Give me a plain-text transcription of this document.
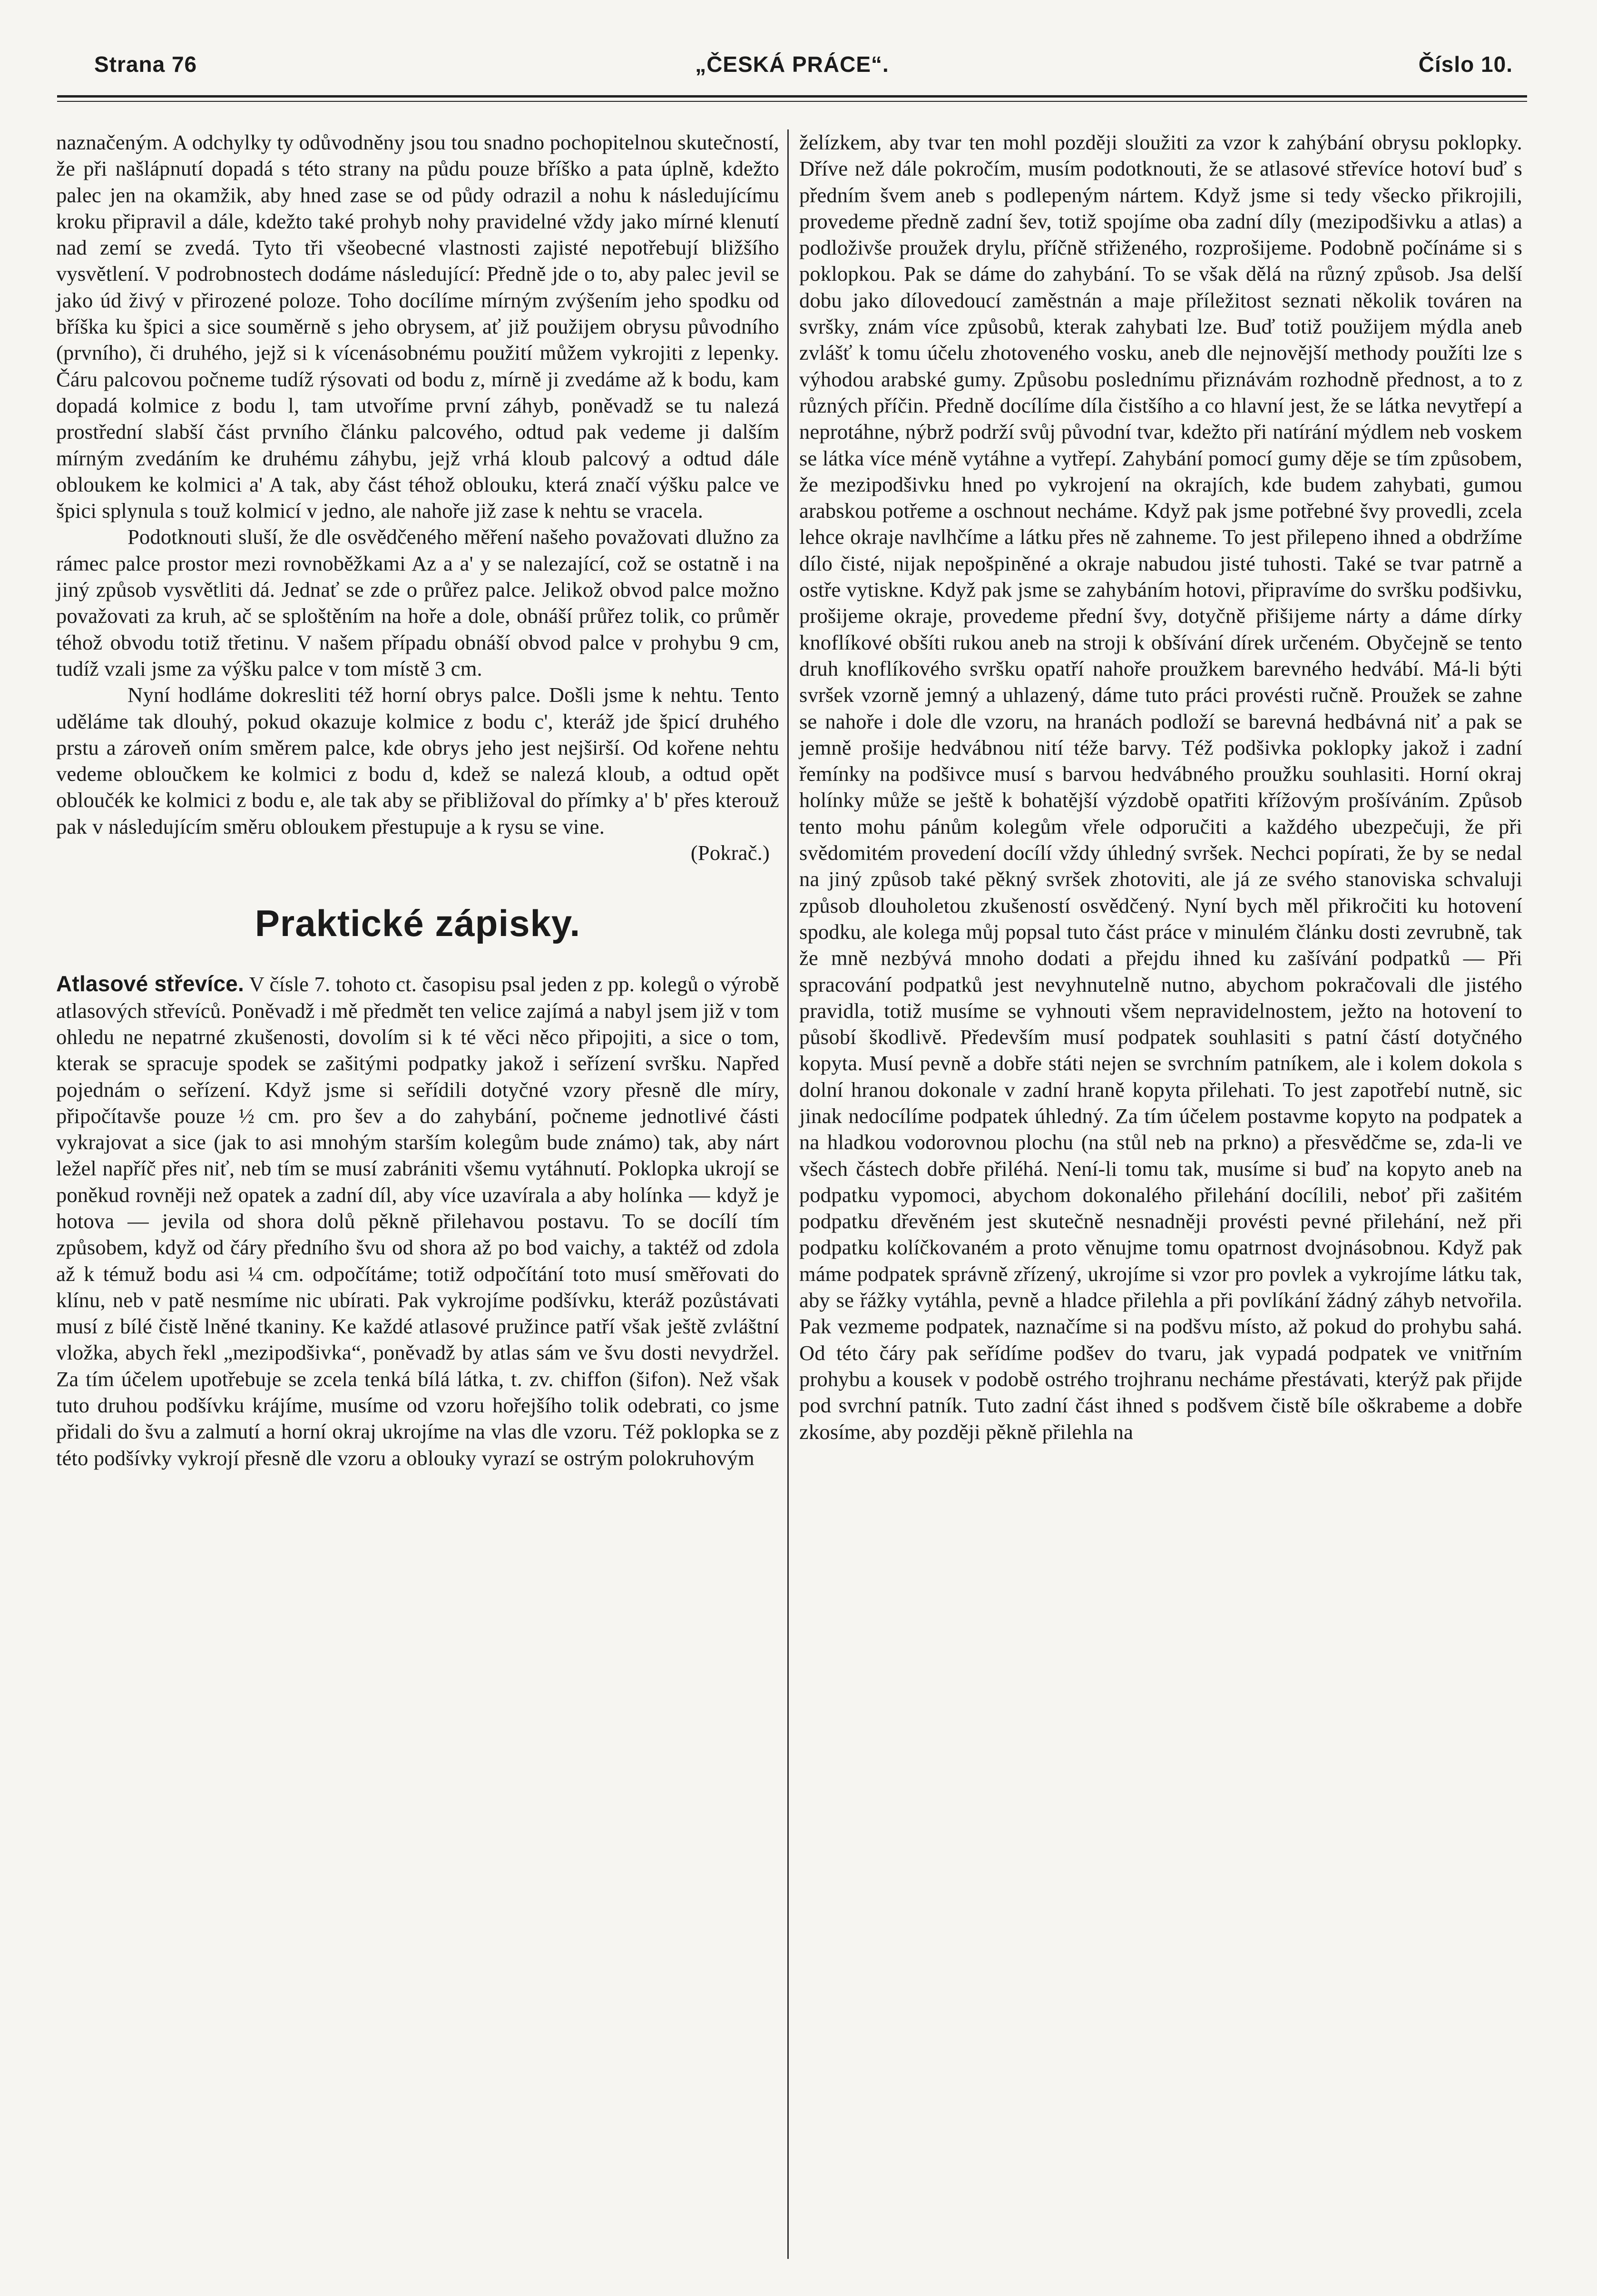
Strana 76	„ČESKÁ PRÁCE“.	Číslo 10.

naznačeným. A odchylky ty odůvodněny jsou tou snadno pochopitelnou skutečností, že při našlápnutí dopadá s této strany na půdu pouze bříško a pata úplně, kdežto palec jen na okamžik, aby hned zase se od půdy odrazil a nohu k následujícímu kroku připravil a dále, kdežto také prohyb nohy pravidelné vždy jako mírné klenutí nad zemí se zvedá. Tyto tři všeobecné vlastnosti zajisté nepotřebují bližšího vysvětlení. V podrobnostech dodáme následující: Předně jde o to, aby palec jevil se jako úd živý v přirozené poloze. Toho docílíme mírným zvýšením jeho spodku od bříška ku špici a sice souměrně s jeho obrysem, ať již použijem obrysu původního (prvního), či druhého, jejž si k vícenásobnému použití můžem vykrojiti z lepenky. Čáru palcovou počneme tudíž rýsovati od bodu z, mírně ji zvedáme až k bodu, kam dopadá kolmice z bodu l, tam utvoříme první záhyb, poněvadž se tu nalezá prostřední slabší část prvního článku palcového, odtud pak vedeme ji dalším mírným zvedáním ke druhému záhybu, jejž vrhá kloub palcový a odtud dále obloukem ke kolmici a' A tak, aby část téhož oblouku, která značí výšku palce ve špici splynula s touž kolmicí v jedno, ale nahoře již zase k nehtu se vracela.

Podotknouti sluší, že dle osvědčeného měření našeho považovati dlužno za rámec palce prostor mezi rovnoběžkami Az a a' y se nalezající, což se ostatně i na jiný způsob vysvětliti dá. Jednať se zde o průřez palce. Jelikož obvod palce možno považovati za kruh, ač se sploštěním na hoře a dole, obnáší průřez tolik, co průměr téhož obvodu totiž třetinu. V našem případu obnáší obvod palce v prohybu 9 cm, tudíž vzali jsme za výšku palce v tom místě 3 cm.

Nyní hodláme dokresliti též horní obrys palce. Došli jsme k nehtu. Tento uděláme tak dlouhý, pokud okazuje kolmice z bodu c', kteráž jde špicí druhého prstu a zároveň oním směrem palce, kde obrys jeho jest nejširší. Od kořene nehtu vedeme obloučkem ke kolmici z bodu d, kdež se nalezá kloub, a odtud opět obloučék ke kolmici z bodu e, ale tak aby se přibližoval do přímky a' b' přes kterouž pak v následujícím směru obloukem přestupuje a k rysu se vine.

(Pokrač.)

Praktické zápisky.

Atlasové střevíce. V čísle 7. tohoto ct. časopisu psal jeden z pp. kolegů o výrobě atlasových střevíců. Poněvadž i mě předmět ten velice zajímá a nabyl jsem již v tom ohledu ne nepatrné zkušenosti, dovolím si k té věci něco připojiti, a sice o tom, kterak se spracuje spodek se zašitými podpatky jakož i seřízení svršku. Napřed pojednám o seřízení. Když jsme si seřídili dotyčné vzory přesně dle míry, připočítavše pouze ½ cm. pro šev a do zahybání, počneme jednotlivé části vykrajovat a sice (jak to asi mnohým starším kolegům bude známo) tak, aby nárt ležel napříč přes niť, neb tím se musí zabrániti všemu vytáhnutí. Poklopka ukrojí se poněkud rovněji než opatek a zadní díl, aby více uzavírala a aby holínka — když je hotova — jevila od shora dolů pěkně přilehavou postavu. To se docílí tím způsobem, když od čáry předního švu od shora až po bod vaichy, a taktéž od zdola až k témuž bodu asi ¼ cm. odpočítáme; totiž odpočítání toto musí směřovati do klínu, neb v patě nesmíme nic ubírati. Pak vykrojíme podšívku, kteráž pozůstávati musí z bílé čistě lněné tkaniny. Ke každé atlasové pružince patří však ještě zvláštní vložka, abych řekl „mezipodšivka“, poněvadž by atlas sám ve švu dosti nevydržel. Za tím účelem upotřebuje se zcela tenká bílá látka, t. zv. chiffon (šifon). Než však tuto druhou podšívku krájíme, musíme od vzoru hořejšího tolik odebrati, co jsme přidali do švu a zalmutí a horní okraj ukrojíme na vlas dle vzoru. Též poklopka se z této podšívky vykrojí přesně dle vzoru a oblouky vyrazí se ostrým polokruhovým

želízkem, aby tvar ten mohl později sloužiti za vzor k zahýbání obrysu poklopky. Dříve než dále pokročím, musím podotknouti, že se atlasové střevíce hotoví buď s předním švem aneb s podlepeným nártem. Když jsme si tedy všecko přikrojili, provedeme předně zadní šev, totiž spojíme oba zadní díly (mezipodšivku a atlas) a podloživše proužek drylu, příčně střiženého, rozprošijeme. Podobně počínáme si s poklopkou. Pak se dáme do zahybání. To se však dělá na různý způsob. Jsa delší dobu jako dílovedoucí zaměstnán a maje příležitost seznati několik továren na svršky, znám více způsobů, kterak zahybati lze. Buď totiž použijem mýdla aneb zvlášť k tomu účelu zhotoveného vosku, aneb dle nejnovější methody použíti lze s výhodou arabské gumy. Způsobu poslednímu přiznávám rozhodně přednost, a to z různých příčin. Předně docílíme díla čistšího a co hlavní jest, že se látka nevytřepí a neprotáhne, nýbrž podrží svůj původní tvar, kdežto při natírání mýdlem neb voskem se látka více méně vytáhne a vytřepí. Zahybání pomocí gumy děje se tím způsobem, že mezipodšivku hned po vykrojení na okrajích, kde budem zahybati, gumou arabskou potřeme a oschnout necháme. Když pak jsme potřebné švy provedli, zcela lehce okraje navlhčíme a látku přes ně zahneme. To jest přilepeno ihned a obdržíme dílo čisté, nijak nepošpiněné a okraje nabudou jisté tuhosti. Také se tvar patrně a ostře vytiskne. Když pak jsme se zahybáním hotovi, připravíme do svršku podšivku, prošijeme okraje, provedeme přední švy, dotyčně přišijeme nárty a dáme dírky knoflíkové obšíti rukou aneb na stroji k obšívání dírek určeném. Obyčejně se tento druh knoflíkového svršku opatří nahoře proužkem barevného hedvábí. Má-li býti svršek vzorně jemný a uhlazený, dáme tuto práci provésti ručně. Proužek se zahne se nahoře i dole dle vzoru, na hranách podloží se barevná hedbávná niť a pak se jemně prošije hedvábnou nití téže barvy. Též podšivka poklopky jakož i zadní řemínky na podšivce musí s barvou hedvábného proužku souhlasiti. Horní okraj holínky může se ještě k bohatější výzdobě opatřiti křížovým prošíváním. Způsob tento mohu pánům kolegům vřele odporučiti a každého ubezpečuji, že při svědomitém provedení docílí vždy úhledný svršek. Nechci popírati, že by se nedal na jiný způsob také pěkný svršek zhotoviti, ale já ze svého stanoviska schvaluji způsob dlouholetou zkušeností osvědčený. Nyní bych měl přikročiti ku hotovení spodku, ale kolega můj popsal tuto část práce v minulém článku dosti zevrubně, tak že mně nezbývá mnoho dodati a přejdu ihned ku zašívání podpatků — Při spracování podpatků jest nevyhnutelně nutno, abychom pokračovali dle jistého pravidla, totiž musíme se vyhnouti všem nepravidelnostem, ježto na hotovení to působí škodlivě. Především musí podpatek souhlasiti s patní částí dotyčného kopyta. Musí pevně a dobře státi nejen se svrchním patníkem, ale i kolem dokola s dolní hranou dokonale v zadní hraně kopyta přilehati. To jest zapotřebí nutně, sic jinak nedocílíme podpatek úhledný. Za tím účelem postavme kopyto na podpatek a na hladkou vodorovnou plochu (na stůl neb na prkno) a přesvědčme se, zda-li ve všech částech dobře přiléhá. Není-li tomu tak, musíme si buď na kopyto aneb na podpatku vypomoci, abychom dokonalého přilehání docílili, neboť při zašitém podpatku dřevěném jest skutečně nesnadněji provésti pevné přilehání, než při podpatku kolíčkovaném a proto věnujme tomu opatrnost dvojnásobnou. Když pak máme podpatek správně zřízený, ukrojíme si vzor pro povlek a vykrojíme látku tak, aby se řážky vytáhla, pevně a hladce přilehla a při povlíkání žádný záhyb netvořila. Pak vezmeme podpatek, naznačíme si na podšvu místo, až pokud do prohybu sahá. Od této čáry pak seřídíme podšev do tvaru, jak vypadá podpatek ve vnitřním prohybu a kousek v podobě ostrého trojhranu necháme přestávati, kterýž pak přijde pod svrchní patník. Tuto zadní část ihned s podšvem čistě bíle oškrabeme a dobře zkosíme, aby později pěkně přilehla na
